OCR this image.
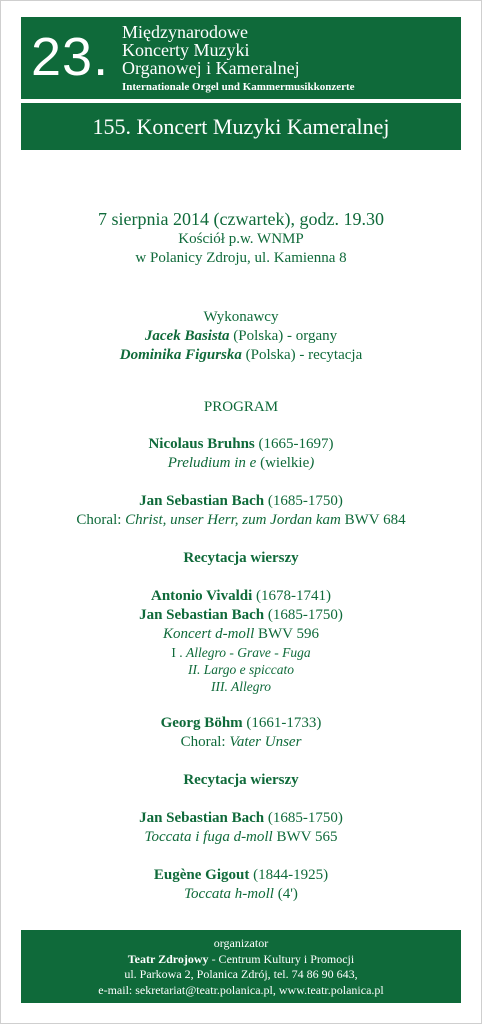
23. Międzynarodowe
Koncerty Muzyki
Organowej i Kameralnej
Internationale Orgel und Kammermusikkonzerte
155. Koncert Muzyki Kameralnej
7 sierpnia 2014 (czwartek), godz. 19.30
Kościół p.w. WNMP
w Polanicy Zdroju, ul. Kamienna 8
Wykonawcy
Jacek Basista (Polska) - organy
Dominika Figurska (Polska) - recytacja
PROGRAM
Nicolaus Bruhns (1665-1697)
Preludium in e (wielkie)
Jan Sebastian Bach (1685-1750)
Choral: Christ, unser Herr, zum Jordan kam BWV 684
Recytacja wierszy
Antonio Vivaldi (1678-1741)
Jan Sebastian Bach (1685-1750)
Koncert d-moll BWV 596
I . Allegro - Grave - Fuga
II. Largo e spiccato
III. Allegro
Georg Böhm (1661-1733)
Choral: Vater Unser
Recytacja wierszy
Jan Sebastian Bach (1685-1750)
Toccata i fuga d-moll BWV 565
Eugène Gigout (1844-1925)
Toccata h-moll (4')
organizator
Teatr Zdrojowy - Centrum Kultury i Promocji
ul. Parkowa 2, Polanica Zdrój, tel. 74 86 90 643,
e-mail: sekretariat@teatr.polanica.pl, www.teatr.polanica.pl
